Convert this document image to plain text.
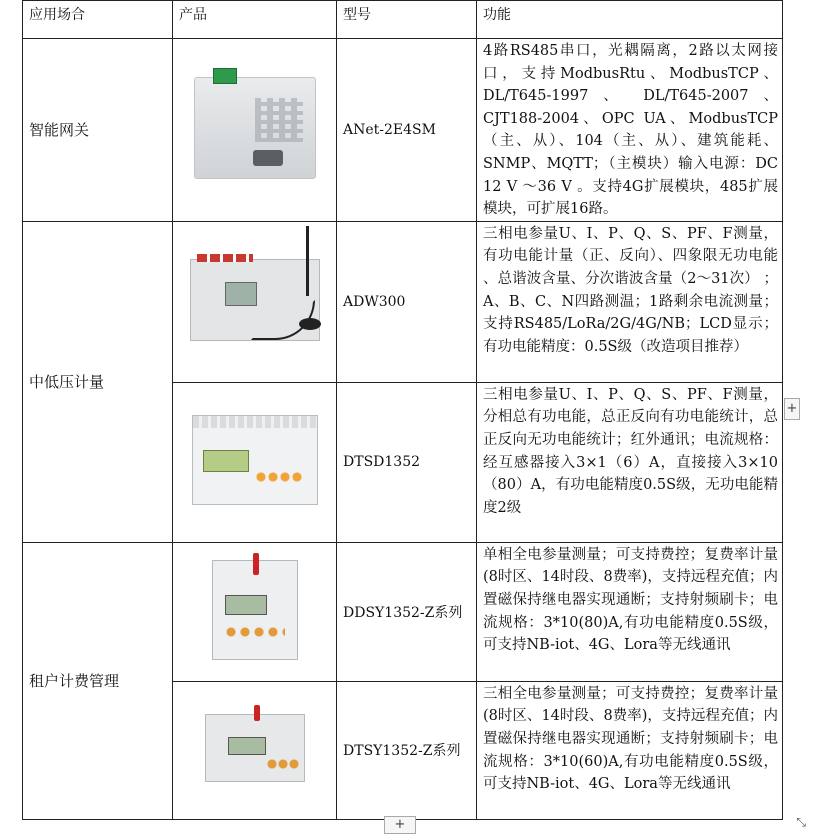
应用场合	产品	型号	功能
智能网关		ANet-2E4SM	4路RS485串口，光耦隔离，2路以太网接口，支持ModbusRtu、ModbusTCP、DL/T645-1997 、 DL/T645-2007 、CJT188-2004、OPC UA、ModbusTCP（主、从）、104（主、从）、建筑能耗、SNMP、MQTT；（主模块）输入电源：DC 12 V ～36 V 。支持4G扩展模块，485扩展模块，可扩展16路。
中低压计量		ADW300	三相电参量U、I、P、Q、S、PF、F测量，有功电能计量（正、反向）、四象限无功电能 、总谐波含量、分次谐波含量（2～31次） ；A、B、C、N四路测温；1路剩余电流测量；支持RS485/LoRa/2G/4G/NB；LCD显示；有功电能精度：0.5S级（改造项目推荐）

		DTSD1352	三相电参量U、I、P、Q、S、PF、F测量，分相总有功电能，总正反向有功电能统计，总正反向无功电能统计；红外通讯；电流规格：经互感器接入3×1（6）A，直接接入3×10（80）A，有功电能精度0.5S级，无功电能精度2级
租户计费管理		DDSY1352-Z系列	单相全电参量测量；可支持费控；复费率计量(8时区、14时段、8费率)，支持远程充值；内置磁保持继电器实现通断；支持射频刷卡；电流规格：3*10(80)A,有功电能精度0.5S级，可支持NB-iot、4G、Lora等无线通讯

		DTSY1352-Z系列	三相全电参量测量；可支持费控；复费率计量(8时区、14时段、8费率)，支持远程充值；内置磁保持继电器实现通断；支持射频刷卡；电流规格：3*10(60)A,有功电能精度0.5S级，可支持NB-iot、4G、Lora等无线通讯
+
+	⤡
